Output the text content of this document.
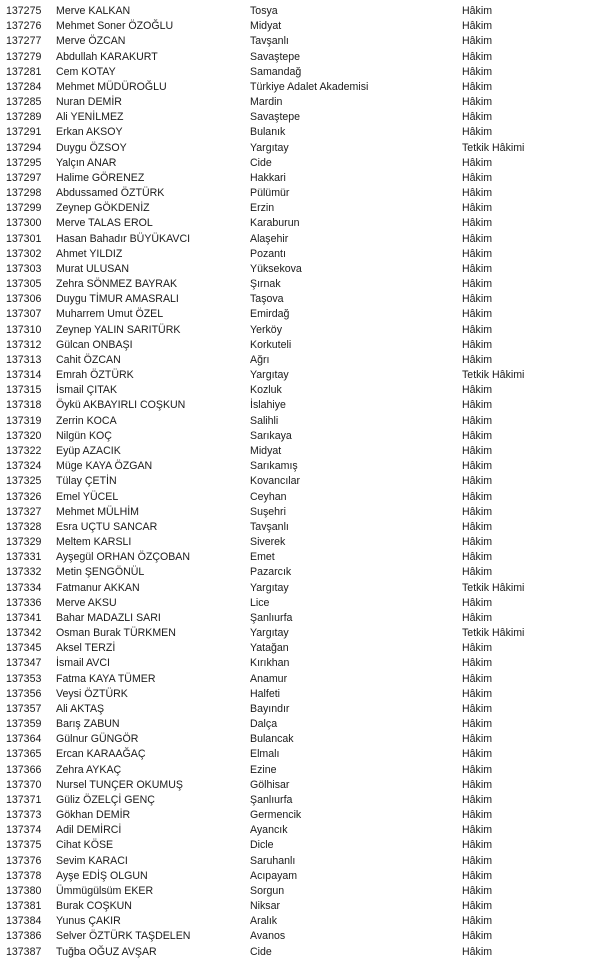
137275	Merve KALKAN	Tosya	Hâkim
137276	Mehmet Soner ÖZOĞLU	Midyat	Hâkim
137277	Merve ÖZCAN	Tavşanlı	Hâkim
137279	Abdullah KARAKURT	Savaştepe	Hâkim
137281	Cem KOTAY	Samandağ	Hâkim
137284	Mehmet MÜDÜROĞLU	Türkiye Adalet Akademisi	Hâkim
137285	Nuran DEMİR	Mardin	Hâkim
137289	Ali YENİLMEZ	Savaştepe	Hâkim
137291	Erkan AKSOY	Bulanık	Hâkim
137294	Duygu ÖZSOY	Yargıtay	Tetkik Hâkimi
137295	Yalçın ANAR	Cide	Hâkim
137297	Halime GÖRENEZ	Hakkari	Hâkim
137298	Abdussamed ÖZTÜRK	Pülümür	Hâkim
137299	Zeynep GÖKDENİZ	Erzin	Hâkim
137300	Merve TALAS EROL	Karaburun	Hâkim
137301	Hasan Bahadır BÜYÜKAVCI	Alaşehir	Hâkim
137302	Ahmet YILDIZ	Pozantı	Hâkim
137303	Murat ULUSAN	Yüksekova	Hâkim
137305	Zehra SÖNMEZ BAYRAK	Şırnak	Hâkim
137306	Duygu TİMUR AMASRALI	Taşova	Hâkim
137307	Muharrem Umut ÖZEL	Emirdağ	Hâkim
137310	Zeynep YALIN SARITÜRK	Yerköy	Hâkim
137312	Gülcan ONBAŞI	Korkuteli	Hâkim
137313	Cahit ÖZCAN	Ağrı	Hâkim
137314	Emrah ÖZTÜRK	Yargıtay	Tetkik Hâkimi
137315	İsmail ÇITAK	Kozluk	Hâkim
137318	Öykü AKBAYIRLI COŞKUN	İslahiye	Hâkim
137319	Zerrin KOCA	Salihli	Hâkim
137320	Nilgün KOÇ	Sarıkaya	Hâkim
137322	Eyüp AZACIK	Midyat	Hâkim
137324	Müge KAYA ÖZGAN	Sarıkamış	Hâkim
137325	Tülay ÇETİN	Kovancılar	Hâkim
137326	Emel YÜCEL	Ceyhan	Hâkim
137327	Mehmet MÜLHİM	Suşehri	Hâkim
137328	Esra UÇTU SANCAR	Tavşanlı	Hâkim
137329	Meltem KARSLI	Siverek	Hâkim
137331	Ayşegül ORHAN ÖZÇOBAN	Emet	Hâkim
137332	Metin ŞENGÖNÜL	Pazarcık	Hâkim
137334	Fatmanur AKKAN	Yargıtay	Tetkik Hâkimi
137336	Merve AKSU	Lice	Hâkim
137341	Bahar MADAZLI SARI	Şanlıurfa	Hâkim
137342	Osman Burak TÜRKMEN	Yargıtay	Tetkik Hâkimi
137345	Aksel TERZİ	Yatağan	Hâkim
137347	İsmail AVCI	Kırıkhan	Hâkim
137353	Fatma KAYA TÜMER	Anamur	Hâkim
137356	Veysi ÖZTÜRK	Halfeti	Hâkim
137357	Ali AKTAŞ	Bayındır	Hâkim
137359	Barış ZABUN	Dalça	Hâkim
137364	Gülnur GÜNGÖR	Bulancak	Hâkim
137365	Ercan KARAAĞAÇ	Elmalı	Hâkim
137366	Zehra AYKAÇ	Ezine	Hâkim
137370	Nursel TUNÇER OKUMUŞ	Gölhisar	Hâkim
137371	Güliz ÖZELÇİ GENÇ	Şanlıurfa	Hâkim
137373	Gökhan DEMİR	Germencik	Hâkim
137374	Adil DEMİRCİ	Ayancık	Hâkim
137375	Cihat KÖSE	Dicle	Hâkim
137376	Sevim KARACI	Saruhanlı	Hâkim
137378	Ayşe EDİŞ OLGUN	Acıpayam	Hâkim
137380	Ümmügülsüm EKER	Sorgun	Hâkim
137381	Burak COŞKUN	Niksar	Hâkim
137384	Yunus ÇAKIR	Aralık	Hâkim
137386	Selver ÖZTÜRK TAŞDELEN	Avanos	Hâkim
137387	Tuğba OĞUZ AVŞAR	Cide	Hâkim
